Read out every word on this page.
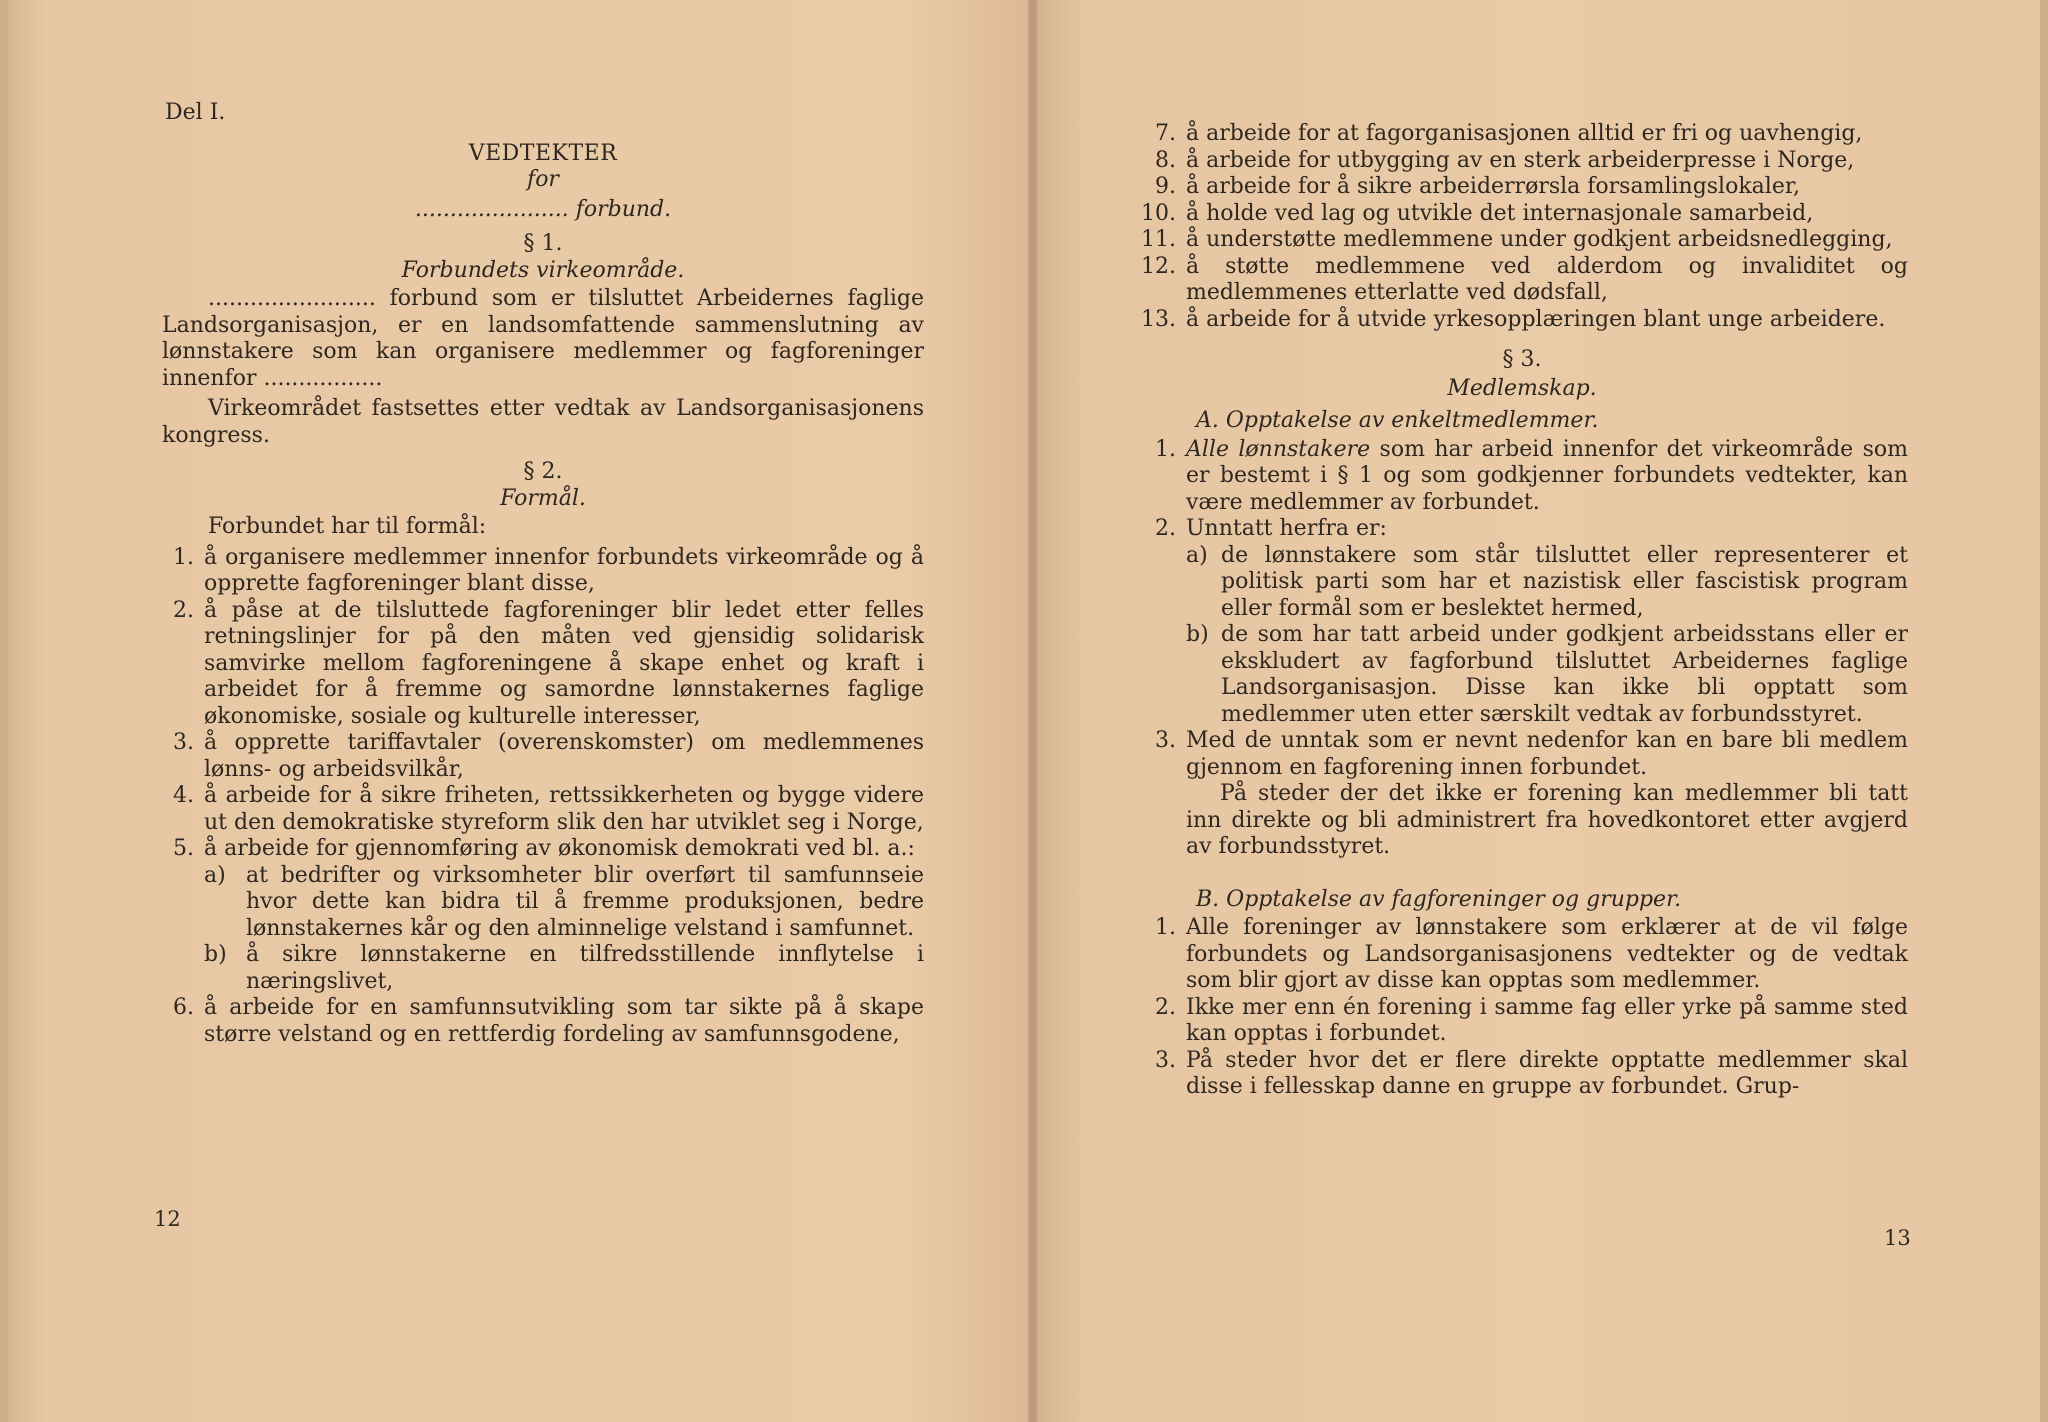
Del I.

VEDTEKTER

for

...................... forbund.

§ 1.

Forbundets virkeområde.

........................ forbund som er tilsluttet Arbeidernes faglige Landsorganisasjon, er en landsomfattende sammenslutning av lønnstakere som kan organisere medlemmer og fagforeninger innenfor .................

Virkeområdet fastsettes etter vedtak av Landsorganisasjonens kongress.

§ 2.

Formål.

Forbundet har til formål:

1. å organisere medlemmer innenfor forbundets virkeområde og å opprette fagforeninger blant disse,
2. å påse at de tilsluttede fagforeninger blir ledet etter felles retningslinjer for på den måten ved gjensidig solidarisk samvirke mellom fagforeningene å skape enhet og kraft i arbeidet for å fremme og samordne lønnstakernes faglige økonomiske, sosiale og kulturelle interesser,
3. å opprette tariffavtaler (overenskomster) om medlemmenes lønns- og arbeidsvilkår,
4. å arbeide for å sikre friheten, rettssikkerheten og bygge videre ut den demokratiske styreform slik den har utviklet seg i Norge,
5. å arbeide for gjennomføring av økonomisk demokrati ved bl. a.:
a) at bedrifter og virksomheter blir overført til samfunnseie hvor dette kan bidra til å fremme produksjonen, bedre lønnstakernes kår og den alminnelige velstand i samfunnet.
b) å sikre lønnstakerne en tilfredsstillende innflytelse i næringslivet,
6. å arbeide for en samfunnsutvikling som tar sikte på å skape større velstand og en rettferdig fordeling av samfunnsgodene,
12
7. å arbeide for at fagorganisasjonen alltid er fri og uavhengig,
8. å arbeide for utbygging av en sterk arbeiderpresse i Norge,
9. å arbeide for å sikre arbeiderrørsla forsamlingslokaler,
10. å holde ved lag og utvikle det internasjonale samarbeid,
11. å understøtte medlemmene under godkjent arbeidsnedlegging,
12. å støtte medlemmene ved alderdom og invaliditet og medlemmenes etterlatte ved dødsfall,
13. å arbeide for å utvide yrkesopplæringen blant unge arbeidere.

§ 3.

Medlemskap.

A. Opptakelse av enkeltmedlemmer.

1. Alle lønnstakere som har arbeid innenfor det virkeområde som er bestemt i § 1 og som godkjenner forbundets vedtekter, kan være medlemmer av forbundet.
2. Unntatt herfra er:
a) de lønnstakere som står tilsluttet eller representerer et politisk parti som har et nazistisk eller fascistisk program eller formål som er beslektet hermed,
b) de som har tatt arbeid under godkjent arbeidsstans eller er ekskludert av fagforbund tilsluttet Arbeidernes faglige Landsorganisasjon. Disse kan ikke bli opptatt som medlemmer uten etter særskilt vedtak av forbundsstyret.
3. Med de unntak som er nevnt nedenfor kan en bare bli medlem gjennom en fagforening innen forbundet.

På steder der det ikke er forening kan medlemmer bli tatt inn direkte og bli administrert fra hovedkontoret etter avgjerd av forbundsstyret.

B. Opptakelse av fagforeninger og grupper.

1. Alle foreninger av lønnstakere som erklærer at de vil følge forbundets og Landsorganisasjonens vedtekter og de vedtak som blir gjort av disse kan opptas som medlemmer.
2. Ikke mer enn én forening i samme fag eller yrke på samme sted kan opptas i forbundet.
3. På steder hvor det er flere direkte opptatte medlemmer skal disse i fellesskap danne en gruppe av forbundet. Grup-
13
